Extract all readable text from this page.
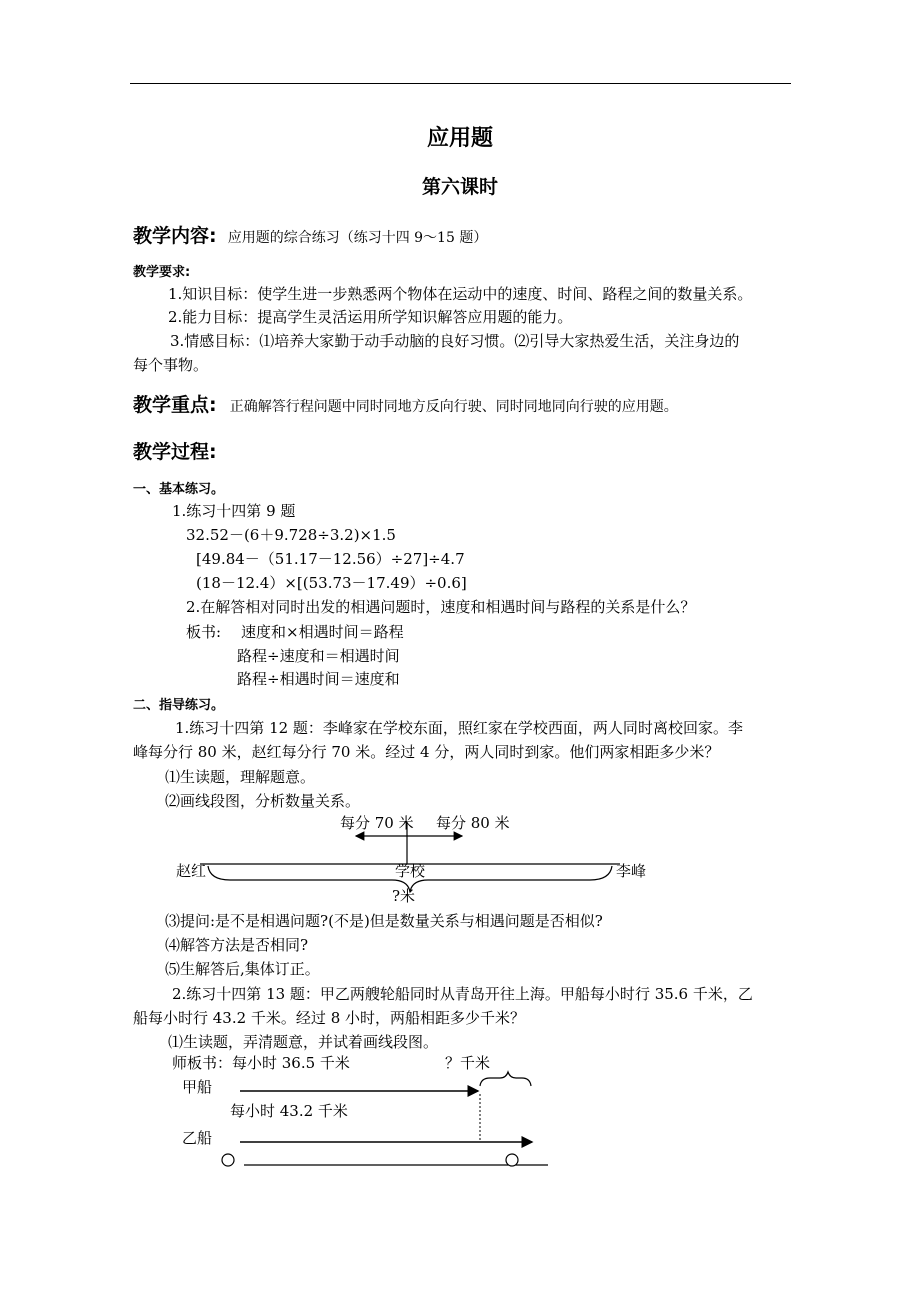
应用题
第六课时
教学内容: 应用题的综合练习（练习十四 9～15 题）
教学要求:
1.知识目标：使学生进一步熟悉两个物体在运动中的速度、时间、路程之间的数量关系。
2.能力目标：提高学生灵活运用所学知识解答应用题的能力。
3.情感目标：⑴培养大家勤于动手动脑的良好习惯。⑵引导大家热爱生活，关注身边的
每个事物。
教学重点: 正确解答行程问题中同时同地方反向行驶、同时同地同向行驶的应用题。
教学过程:
一、基本练习。
1.练习十四第 9 题
32.52－(6＋9.728÷3.2)×1.5
[49.84－（51.17－12.56）÷27]÷4.7
(18－12.4）×[(53.73－17.49）÷0.6]
2.在解答相对同时出发的相遇问题时，速度和相遇时间与路程的关系是什么？
板书: 速度和×相遇时间＝路程
路程÷速度和＝相遇时间
路程÷相遇时间＝速度和
二、指导练习。
1.练习十四第 12 题：李峰家在学校东面，照红家在学校西面，两人同时离校回家。李
峰每分行 80 米，赵红每分行 70 米。经过 4 分，两人同时到家。他们两家相距多少米？
⑴生读题，理解题意。
⑵画线段图，分析数量关系。
每分 70 米 每分 80 米
赵红	学校	李峰
?米
⑶提问:是不是相遇问题?(不是)但是数量关系与相遇问题是否相似?
⑷解答方法是否相同?
⑸生解答后,集体订正。
2.练习十四第 13 题：甲乙两艘轮船同时从青岛开往上海。甲船每小时行 35.6 千米，乙
船每小时行 43.2 千米。经过 8 小时，两船相距多少千米？
⑴生读题，弄清题意，并试着画线段图。
师板书：每小时 36.5 千米	？千米
甲船
每小时 43.2 千米
乙船
